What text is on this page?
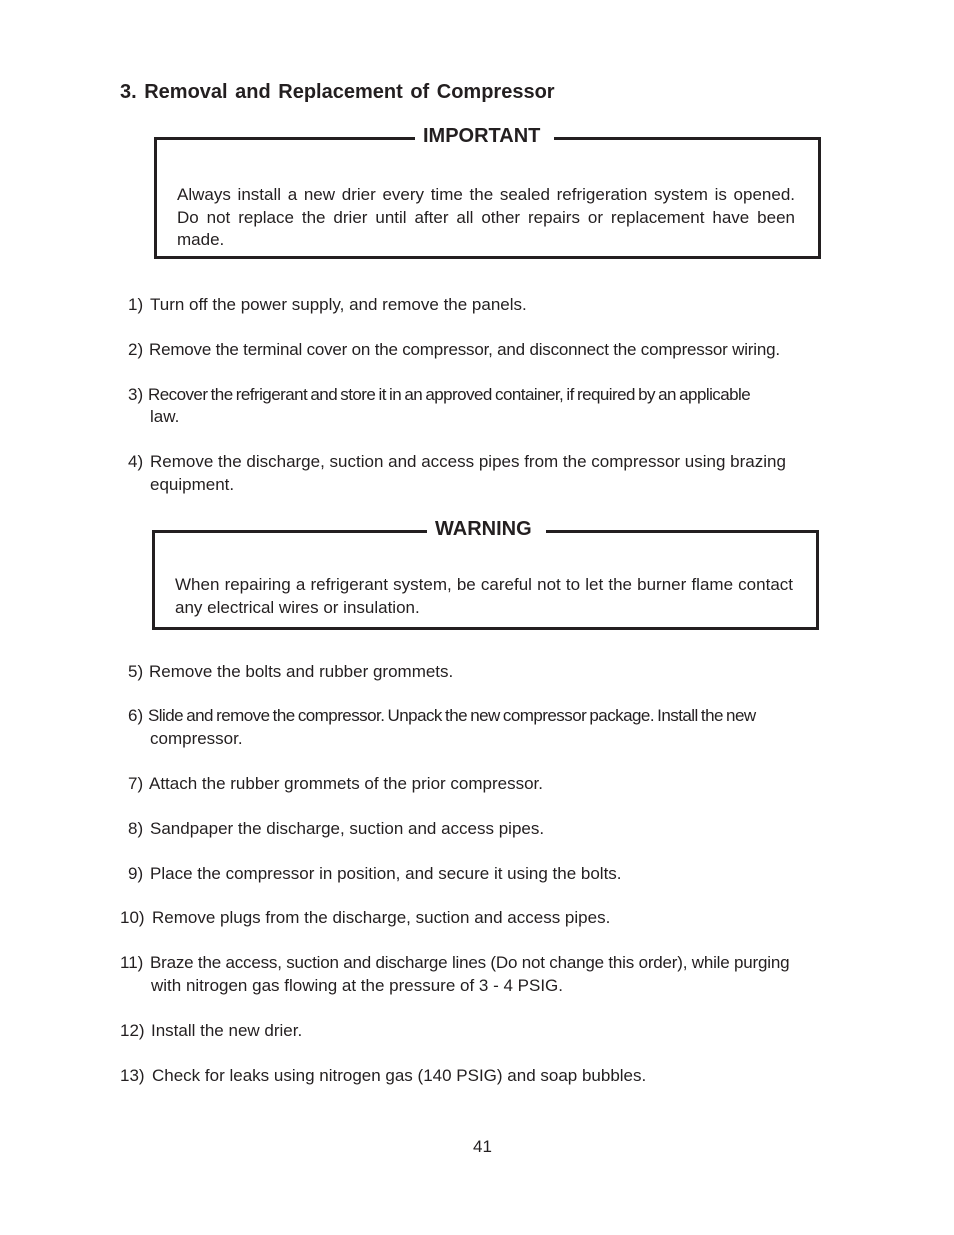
3. Removal and Replacement of Compressor
IMPORTANT

Always install a new drier every time the sealed refrigeration system is opened. Do not replace the drier until after all other repairs or replacement have been made.

1) Turn off the power supply, and remove the panels.
2) Remove the terminal cover on the compressor, and disconnect the compressor wiring.
3) Recover the refrigerant and store it in an approved container, if required by an applicable
law.
4) Remove the discharge, suction and access pipes from the compressor using brazing
equipment.
WARNING

When repairing a refrigerant system, be careful not to let the burner flame contact any electrical wires or insulation.

5) Remove the bolts and rubber grommets.
6) Slide and remove the compressor. Unpack the new compressor package. Install the new
compressor.
7) Attach the rubber grommets of the prior compressor.
8) Sandpaper the discharge, suction and access pipes.
9) Place the compressor in position, and secure it using the bolts.
10) Remove plugs from the discharge, suction and access pipes.
11) Braze the access, suction and discharge lines (Do not change this order), while purging
with nitrogen gas flowing at the pressure of 3 - 4 PSIG.
12) Install the new drier.
13) Check for leaks using nitrogen gas (140 PSIG) and soap bubbles.
41
